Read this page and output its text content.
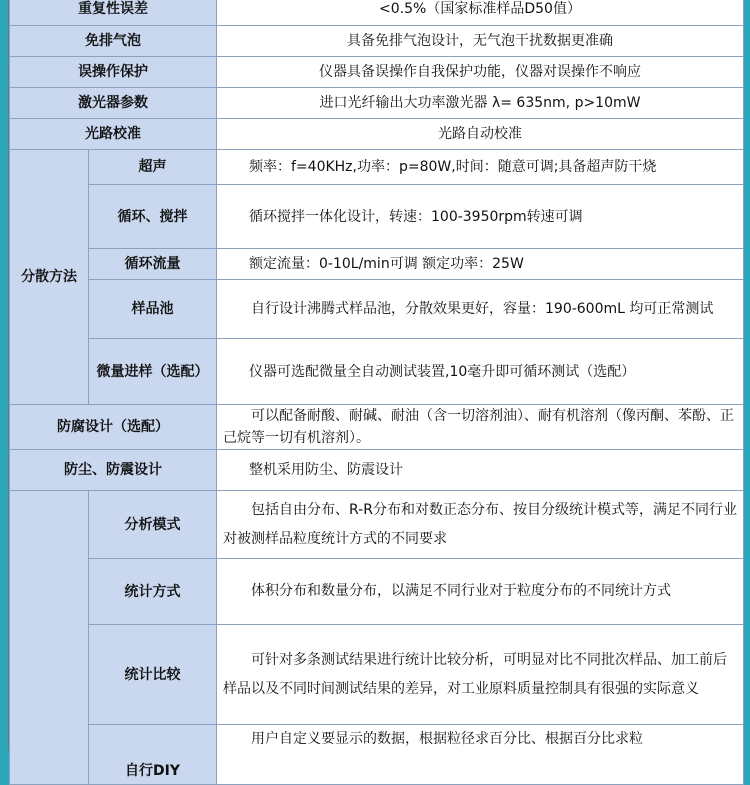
重复性误差		<0.5%（国家标准样品D50值）
免排气泡		具备免排气泡设计，无气泡干扰数据更准确
误操作保护		仪器具备误操作自我保护功能，仪器对误操作不响应
激光器参数		进口光纤输出大功率激光器 λ= 635nm, p>10mW
光路校准		光路自动校准
分散方法	超声	频率：f=40KHz,功率：p=80W,时间：随意可调;具备超声防干烧
	循环、搅拌	循环搅拌一体化设计，转速：100-3950rpm转速可调
	循环流量	额定流量：0-10L/min可调 额定功率：25W
	样品池	自行设计沸腾式样品池，分散效果更好，容量：190-600mL 均可正常测试
	微量进样（选配）	仪器可选配微量全自动测试装置,10毫升即可循环测试（选配）
防腐设计（选配）		可以配备耐酸、耐碱、耐油（含一切溶剂油）、耐有机溶剂（像丙酮、苯酚、正己烷等一切有机溶剂）。
防尘、防震设计		整机采用防尘、防震设计
	分析模式	包括自由分布、R-R分布和对数正态分布、按目分级统计模式等，满足不同行业对被测样品粒度统计方式的不同要求
	统计方式	体积分布和数量分布，以满足不同行业对于粒度分布的不同统计方式
	统计比较	可针对多条测试结果进行统计比较分析，可明显对比不同批次样品、加工前后样品以及不同时间测试结果的差异，对工业原料质量控制具有很强的实际意义
	自行DIY	用户自定义要显示的数据，根据粒径求百分比、根据百分比求粒
